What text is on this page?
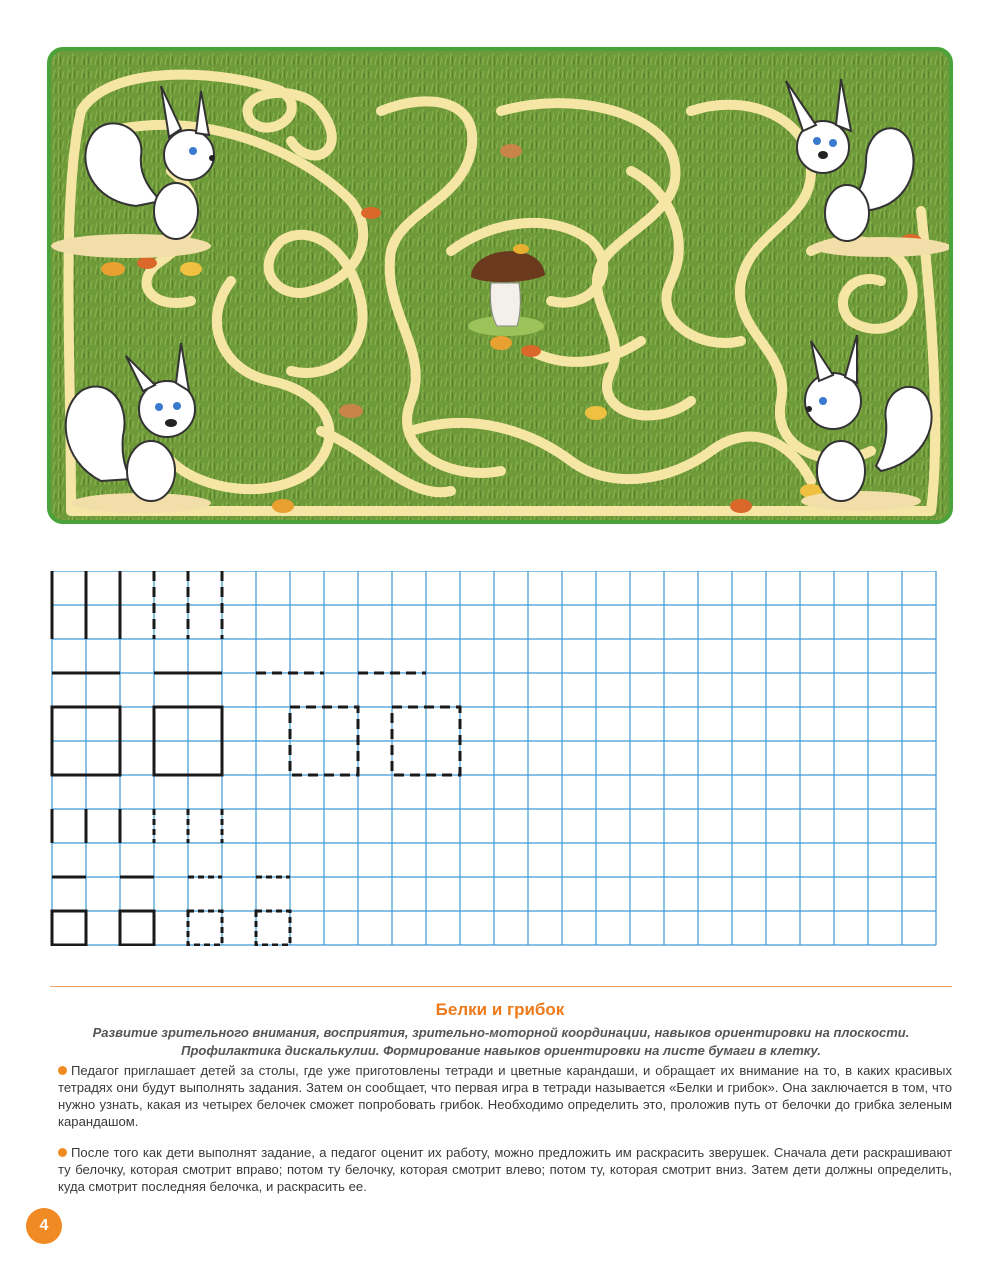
Белки и грибок
Развитие зрительного внимания, восприятия, зрительно-моторной координации, навыков ориентировки на плоскости.
Профилактика дискалькулии. Формирование навыков ориентировки на листе бумаги в клетку.
Педагог приглашает детей за столы, где уже приготовлены тетради и цветные карандаши, и обращает их внимание на то, в каких красивых тетрадях они будут выполнять задания. Затем он сообщает, что первая игра в тетради называется «Белки и грибок». Она заключается в том, что нужно узнать, какая из четырех белочек сможет попробовать грибок. Необходимо определить это, проложив путь от белочки до грибка зеленым карандашом.
После того как дети выполнят задание, а педагог оценит их работу, можно предложить им раскрасить зверушек. Сначала дети раскрашивают ту белочку, которая смотрит вправо; потом ту белочку, которая смотрит влево; потом ту, которая смотрит вниз. Затем дети должны определить, куда смотрит последняя белочка, и раскрасить ее.
4
